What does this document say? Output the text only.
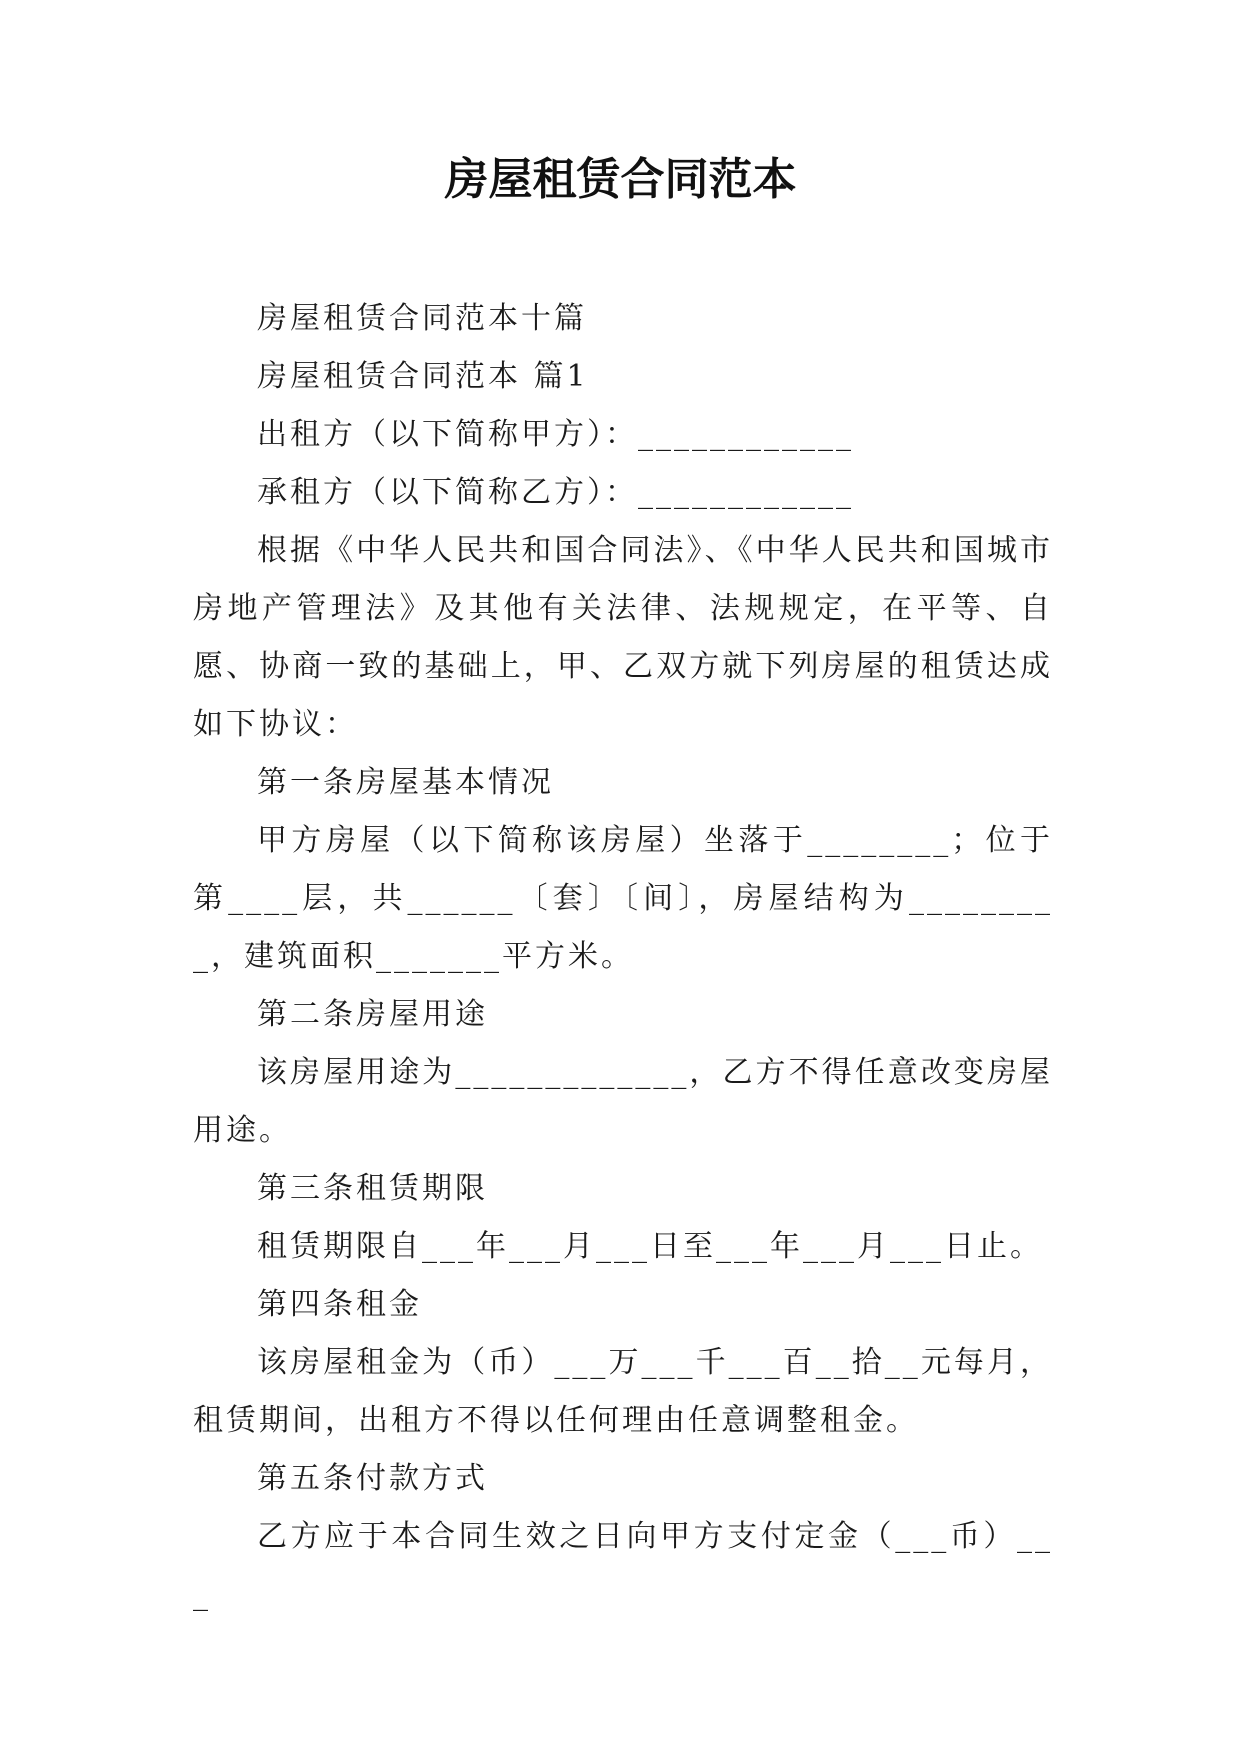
房屋租赁合同范本

房屋租赁合同范本十篇

房屋租赁合同范本 篇1

出租方（以下简称甲方）：____________

承租方（以下简称乙方）：____________

根据《中华人民共和国合同法》、《中华人民共和国城市房地产管理法》及其他有关法律、法规规定，在平等、自愿、协商一致的基础上，甲、乙双方就下列房屋的租赁达成如下协议：

第一条房屋基本情况

甲方房屋（以下简称该房屋）坐落于________；位于第____层，共______〔套〕〔间〕，房屋结构为_________，建筑面积_______平方米。

第二条房屋用途

该房屋用途为_____________，乙方不得任意改变房屋用途。

第三条租赁期限

租赁期限自___年___月___日至___年___月___日止。

第四条租金

该房屋租金为（币）___万___千___百__拾__元每月，租赁期间，出租方不得以任何理由任意调整租金。

第五条付款方式

乙方应于本合同生效之日向甲方支付定金（___币）___
